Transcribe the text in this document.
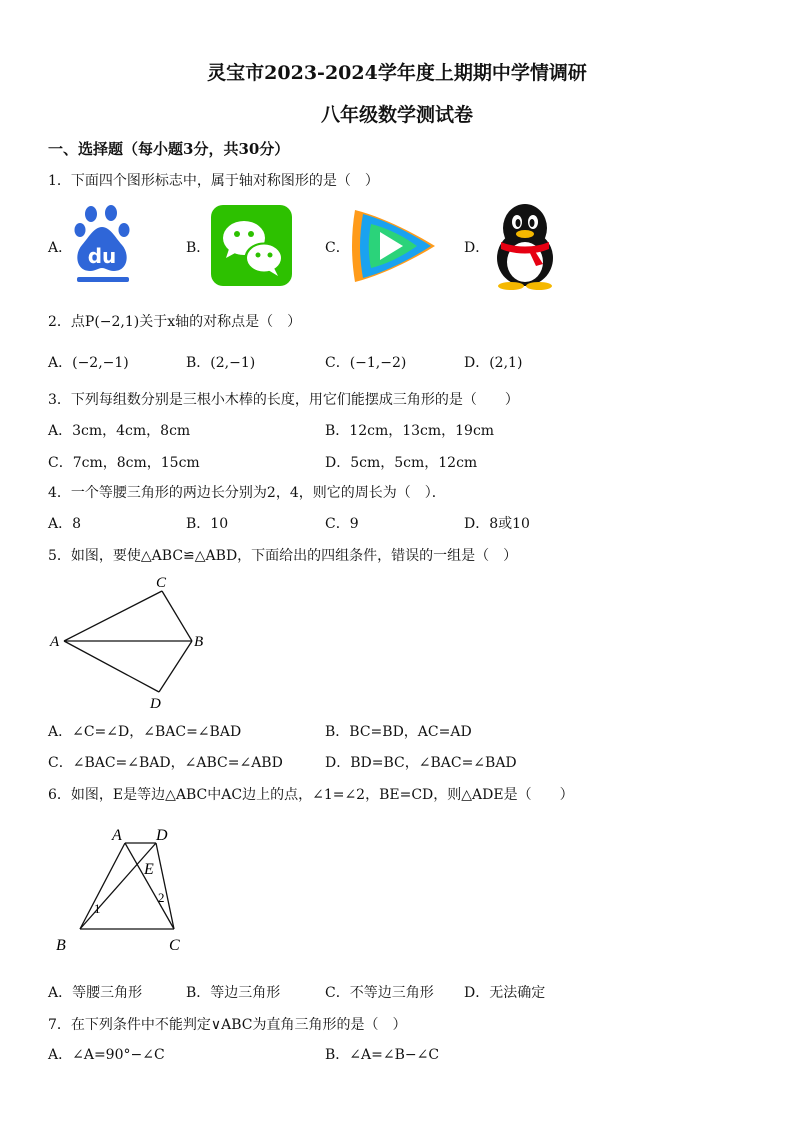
灵宝市2023-2024学年度上期期中学情调研
八年级数学测试卷
一、选择题（每小题3分，共30分）
1．下面四个图形标志中，属于轴对称图形的是（　）
A． du	B．	C．	D．
2．点P(−2,1)关于x轴的对称点是（　）
A．(−2,−1)	B．(2,−1)	C．(−1,−2)	D．(2,1)
3．下列每组数分别是三根小木棒的长度，用它们能摆成三角形的是（　　）
A．3cm，4cm，8cm	B．12cm，13cm，19cm
C．7cm，8cm，15cm	D．5cm，5cm，12cm
4．一个等腰三角形的两边长分别为2，4，则它的周长为（　）．
A．8	B．10	C．9	D．8或10
5．如图，要使△ABC≌△ABD，下面给出的四组条件，错误的一组是（　）
A	B
C
D
A．∠C=∠D，∠BAC=∠BAD	B．BC=BD，AC=AD
C．∠BAC=∠BAD，∠ABC=∠ABD	D．BD=BC，∠BAC=∠BAD
6．如图，E是等边△ABC中AC边上的点，∠1=∠2，BE=CD，则△ADE是（　　）
A D
E
B	C
1
2
A．等腰三角形	B．等边三角形	C．不等边三角形 D．无法确定
7．在下列条件中不能判定∨ABC为直角三角形的是（　）
A．∠A=90°−∠C	B．∠A=∠B−∠C
